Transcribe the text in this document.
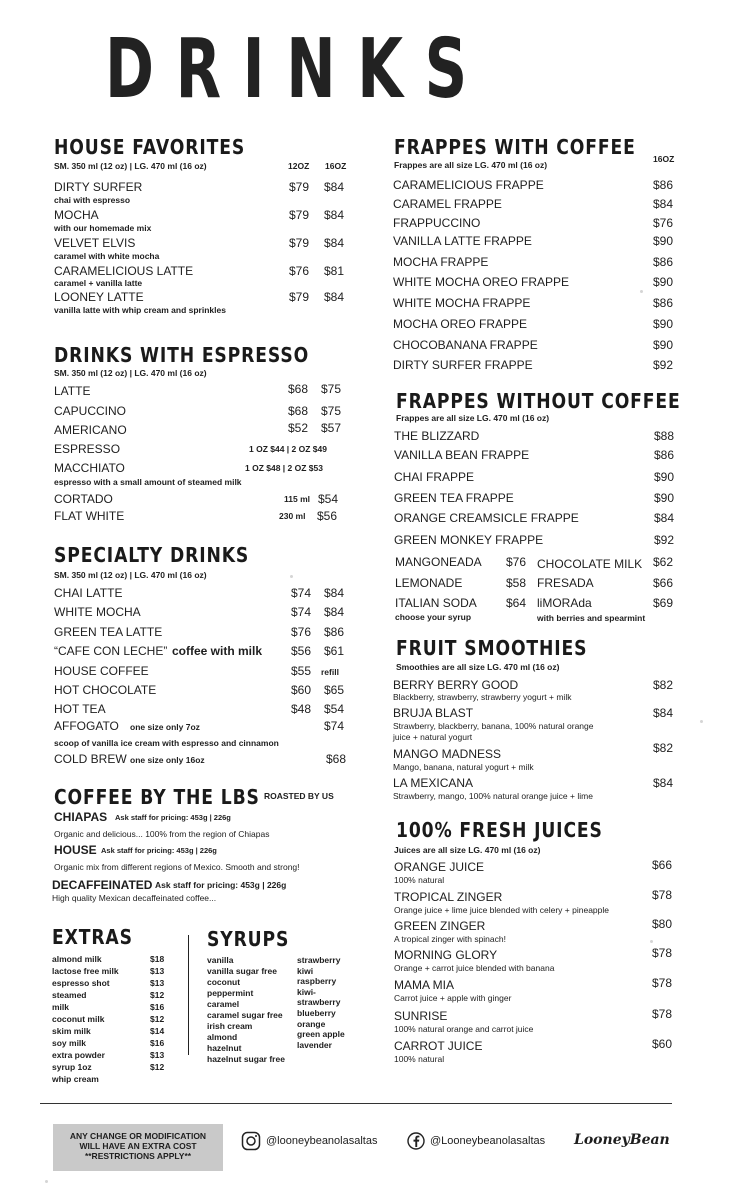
DRINKS
HOUSE FAVORITES
SM. 350 ml (12 oz) | LG. 470 ml (16 oz)	12OZ 16OZ
DIRTY SURFER
chai with espresso
$79 $84
MOCHA
with our homemade mix
$79 $84
VELVET ELVIS
caramel with white mocha
$79 $84
CARAMELICIOUS LATTE
caramel + vanilla latte
$76 $81
LOONEY LATTE
vanilla latte with whip cream and sprinkles
$79 $84
DRINKS WITH ESPRESSO
SM. 350 ml (12 oz) | LG. 470 ml (16 oz)
LATTE	$68 $75
CAPUCCINO	$68 $75
AMERICANO	$52 $57
ESPRESSO	1 OZ $44 | 2 OZ $49
MACCHIATO	1 OZ $48 | 2 OZ $53
espresso with a small amount of steamed milk
CORTADO	115 ml $54
FLAT WHITE	230 ml $56
SPECIALTY DRINKS
SM. 350 ml (12 oz) | LG. 470 ml (16 oz)
CHAI LATTE	$74 $84
WHITE MOCHA	$74 $84
GREEN TEA LATTE	$76 $86
“CAFE CON LECHE” coffee with milk $56 $61
HOUSE COFFEE	$55 refill
HOT CHOCOLATE	$60 $65
HOT TEA	$48 $54
AFFOGATO one size only 7oz	$74
scoop of vanilla ice cream with espresso and cinnamon
COLD BREW one size only 16oz	$68
COFFEE BY THE LBS ROASTED BY US
CHIAPAS Ask staff for pricing: 453g | 226g
Organic and delicious... 100% from the region of Chiapas
HOUSE Ask staff for pricing: 453g | 226g
Organic mix from different regions of Mexico. Smooth and strong!
DECAFFEINATED Ask staff for pricing: 453g | 226g
High quality Mexican decaffeinated coffee...
EXTRAS
almond milk	$18
lactose free milk	$13
espresso shot	$13
steamed	$12
milk	$16
coconut milk	$12
skim milk	$14
soy milk	$16
extra powder	$13
syrup 1oz	$12
whip cream
SYRUPS
vanilla
vanilla sugar free
coconut
peppermint
caramel
caramel sugar free
irish cream
almond
hazelnut
hazelnut sugar free
strawberry
kiwi
raspberry
kiwi-
strawberry
blueberry
orange
green apple
lavender
FRAPPES WITH COFFEE
Frappes are all size LG. 470 ml (16 oz)
16OZ
CARAMELICIOUS FRAPPE	$86
CARAMEL FRAPPE	$84
FRAPPUCCINO	$76
VANILLA LATTE FRAPPE	$90
MOCHA FRAPPE	$86
WHITE MOCHA OREO FRAPPE	$90
WHITE MOCHA FRAPPE	$86
MOCHA OREO FRAPPE	$90
CHOCOBANANA FRAPPE	$90
DIRTY SURFER FRAPPE	$92
FRAPPES WITHOUT COFFEE
Frappes are all size LG. 470 ml (16 oz)
THE BLIZZARD	$88
VANILLA BEAN FRAPPE	$86
CHAI FRAPPE	$90
GREEN TEA FRAPPE	$90
ORANGE CREAMSICLE FRAPPE	$84
GREEN MONKEY FRAPPE	$92
MANGONEADA $76 CHOCOLATE MILK $62
LEMONADE	$58 FRESADA	$66
ITALIAN SODA $64 liMORAda	$69
choose your syrup	with berries and spearmint
FRUIT SMOOTHIES
Smoothies are all size LG. 470 ml (16 oz)
BERRY BERRY GOOD
Blackberry, strawberry, strawberry yogurt + milk
$82
BRUJA BLAST
Strawberry, blackberry, banana, 100% natural orange
juice + natural yogurt
$84
MANGO MADNESS
Mango, banana, natural yogurt + milk
$82
LA MEXICANA
Strawberry, mango, 100% natural orange juice + lime
$84
100% FRESH JUICES
Juices are all size LG. 470 ml (16 oz)
ORANGE JUICE
100% natural
$66
TROPICAL ZINGER
Orange juice + lime juice blended with celery + pineapple
$78
GREEN ZINGER
A tropical zinger with spinach!
$80
MORNING GLORY
Orange + carrot juice blended with banana
$78
MAMA MIA
Carrot juice + apple with ginger
$78
SUNRISE
100% natural orange and carrot juice
$78
CARROT JUICE
100% natural
$60
ANY CHANGE OR MODIFICATION
WILL HAVE AN EXTRA COST
**RESTRICTIONS APPLY**
@looneybeanolasaltas	@Looneybeanolasaltas LooneyBean
